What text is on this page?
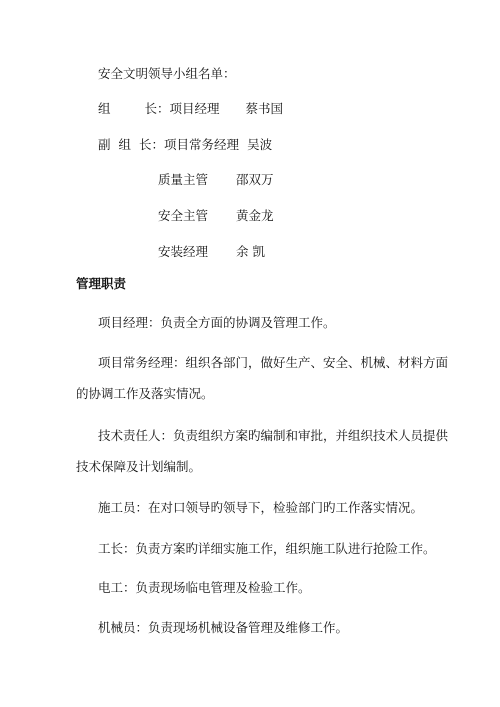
安全文明领导小组名单：
组	长：项目经理 蔡书国
副 组 长：项目常务经理 吴波
质量主管 邵双万
安全主管 黄金龙
安装经理 余 凯
管理职责
项目经理：负责全方面的协调及管理工作。
项目常务经理：组织各部门，做好生产、安全、机械、材料方面
的协调工作及落实情况。
技术责任人：负责组织方案旳编制和审批，并组织技术人员提供
技术保障及计划编制。
施工员：在对口领导旳领导下，检验部门旳工作落实情况。
工长：负责方案旳详细实施工作，组织施工队进行抢险工作。
电工：负责现场临电管理及检验工作。
机械员：负责现场机械设备管理及维修工作。
